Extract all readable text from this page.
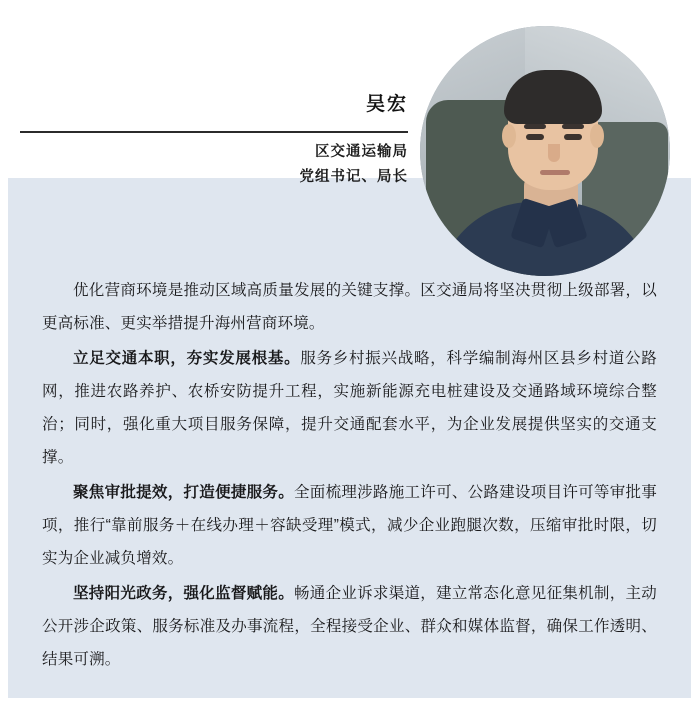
吴宏
区交通运输局
党组书记、局长

优化营商环境是推动区域高质量发展的关键支撑。区交通局将坚决贯彻上级部署，以更高标准、更实举措提升海州营商环境。

立足交通本职，夯实发展根基。服务乡村振兴战略，科学编制海州区县乡村道公路网，推进农路养护、农桥安防提升工程，实施新能源充电桩建设及交通路域环境综合整治；同时，强化重大项目服务保障，提升交通配套水平，为企业发展提供坚实的交通支撑。

聚焦审批提效，打造便捷服务。全面梳理涉路施工许可、公路建设项目许可等审批事项，推行“靠前服务＋在线办理＋容缺受理”模式，减少企业跑腿次数，压缩审批时限，切实为企业减负增效。

坚持阳光政务，强化监督赋能。畅通企业诉求渠道，建立常态化意见征集机制，主动公开涉企政策、服务标准及办事流程，全程接受企业、群众和媒体监督，确保工作透明、结果可溯。
